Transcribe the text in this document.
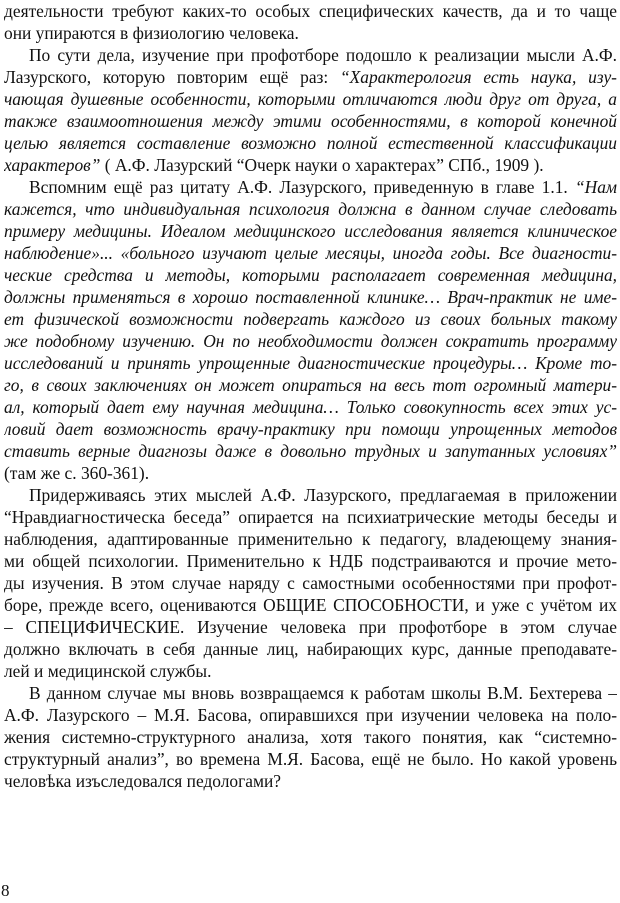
деятельности требуют каких-то особых специфических качеств, да и то чаще
они упираются в физиологию человека.
По сути дела, изучение при профотборе подошло к реализации мысли А.Ф.
Лазурского, которую повторим ещё раз: “Характерология есть наука, изу-
чающая душевные особенности, которыми отличаются люди друг от друга, а
также взаимоотношения между этими особенностями, в которой конечной
целью является составление возможно полной естественной классификации
характеров” ( А.Ф. Лазурский “Очерк науки о характерах” СПб., 1909 ).
Вспомним ещё раз цитату А.Ф. Лазурского, приведенную в главе 1.1. “Нам
кажется, что индивидуальная психология должна в данном случае следовать
примеру медицины. Идеалом медицинского исследования является клиническое
наблюдение»... «больного изучают целые месяцы, иногда годы. Все диагности-
ческие средства и методы, которыми располагает современная медицина,
должны применяться в хорошо поставленной клинике… Врач-практик не име-
ет физической возможности подвергать каждого из своих больных такому
же подобному изучению. Он по необходимости должен сократить программу
исследований и принять упрощенные диагностические процедуры… Кроме то-
го, в своих заключениях он может опираться на весь тот огромный матери-
ал, который дает ему научная медицина… Только совокупность всех этих ус-
ловий дает возможность врачу-практику при помощи упрощенных методов
ставить верные диагнозы даже в довольно трудных и запутанных условиях”
(там же с. 360-361).
Придерживаясь этих мыслей А.Ф. Лазурского, предлагаемая в приложении
“Нравдиагностическа беседа” опирается на психиатрические методы беседы и
наблюдения, адаптированные применительно к педагогу, владеющему знания-
ми общей психологии. Применительно к НДБ подстраиваются и прочие мето-
ды изучения. В этом случае наряду с самостными особенностями при профот-
боре, прежде всего, оцениваются ОБЩИЕ СПОСОБНОСТИ, и уже с учётом их
– СПЕЦИФИЧЕСКИЕ. Изучение человека при профотборе в этом случае
должно включать в себя данные лиц, набирающих курс, данные преподавате-
лей и медицинской службы.
В данном случае мы вновь возвращаемся к работам школы В.М. Бехтерева –
А.Ф. Лазурского – М.Я. Басова, опиравшихся при изучении человека на поло-
жения системно-структурного анализа, хотя такого понятия, как “системно-
структурный анализ”, во времена М.Я. Басова, ещё не было. Но какой уровень
человѣка изъследовался педологами?
8
